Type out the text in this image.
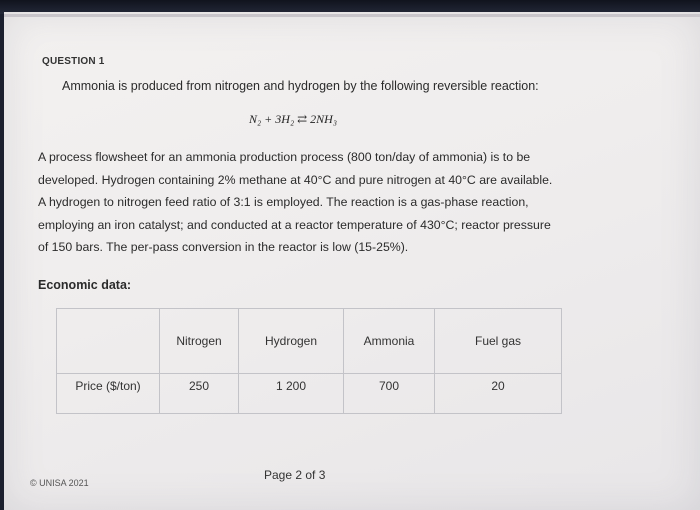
QUESTION 1
Ammonia is produced from nitrogen and hydrogen by the following reversible reaction:
N₂ + 3H₂ ⇄ 2NH₃
A process flowsheet for an ammonia production process (800 ton/day of ammonia) is to be
developed. Hydrogen containing 2% methane at 40°C and pure nitrogen at 40°C are available.
A hydrogen to nitrogen feed ratio of 3:1 is employed. The reaction is a gas-phase reaction,
employing an iron catalyst; and conducted at a reactor temperature of 430°C; reactor pressure
of 150 bars. The per-pass conversion in the reactor is low (15-25%).
Economic data:
	Nitrogen	Hydrogen	Ammonia	Fuel gas
Price ($/ton)	250	1 200	700	20
Page 2 of 3
© UNISA 2021
